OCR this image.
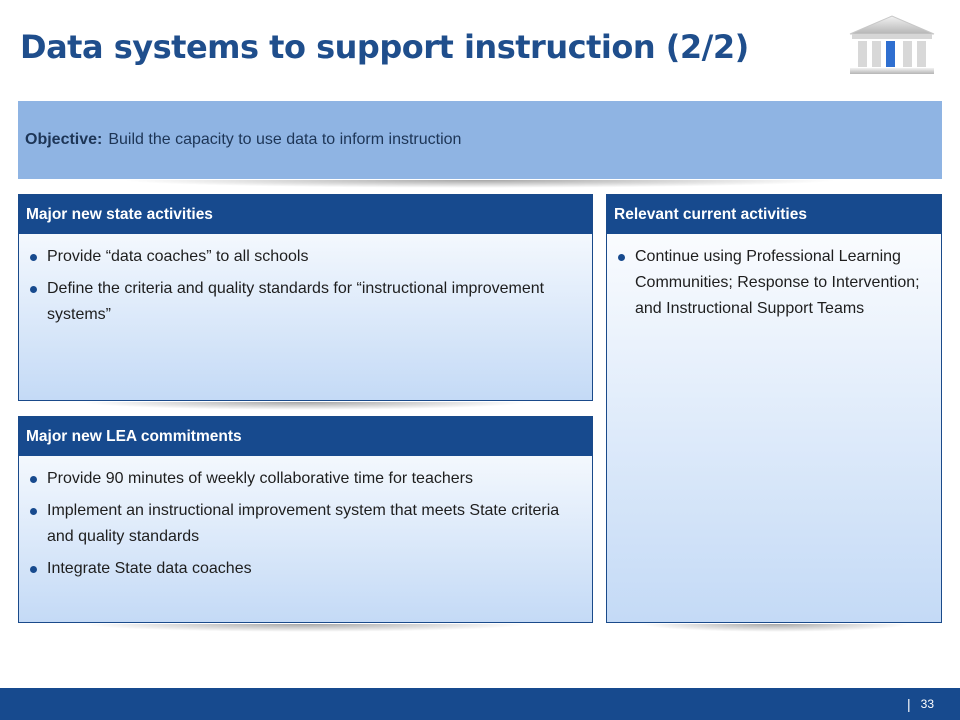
Data systems to support instruction (2/2)
Objective: Build the capacity to use data to inform instruction
Major new state activities
Provide “data coaches” to all schools
Define the criteria and quality standards for “instructional improvement systems”
Major new LEA commitments
Provide 90 minutes of weekly collaborative time for teachers
Implement an instructional improvement system that meets State criteria and quality standards
Integrate State data coaches
Relevant current activities
Continue using Professional Learning Communities; Response to Intervention; and Instructional Support Teams
| 33
